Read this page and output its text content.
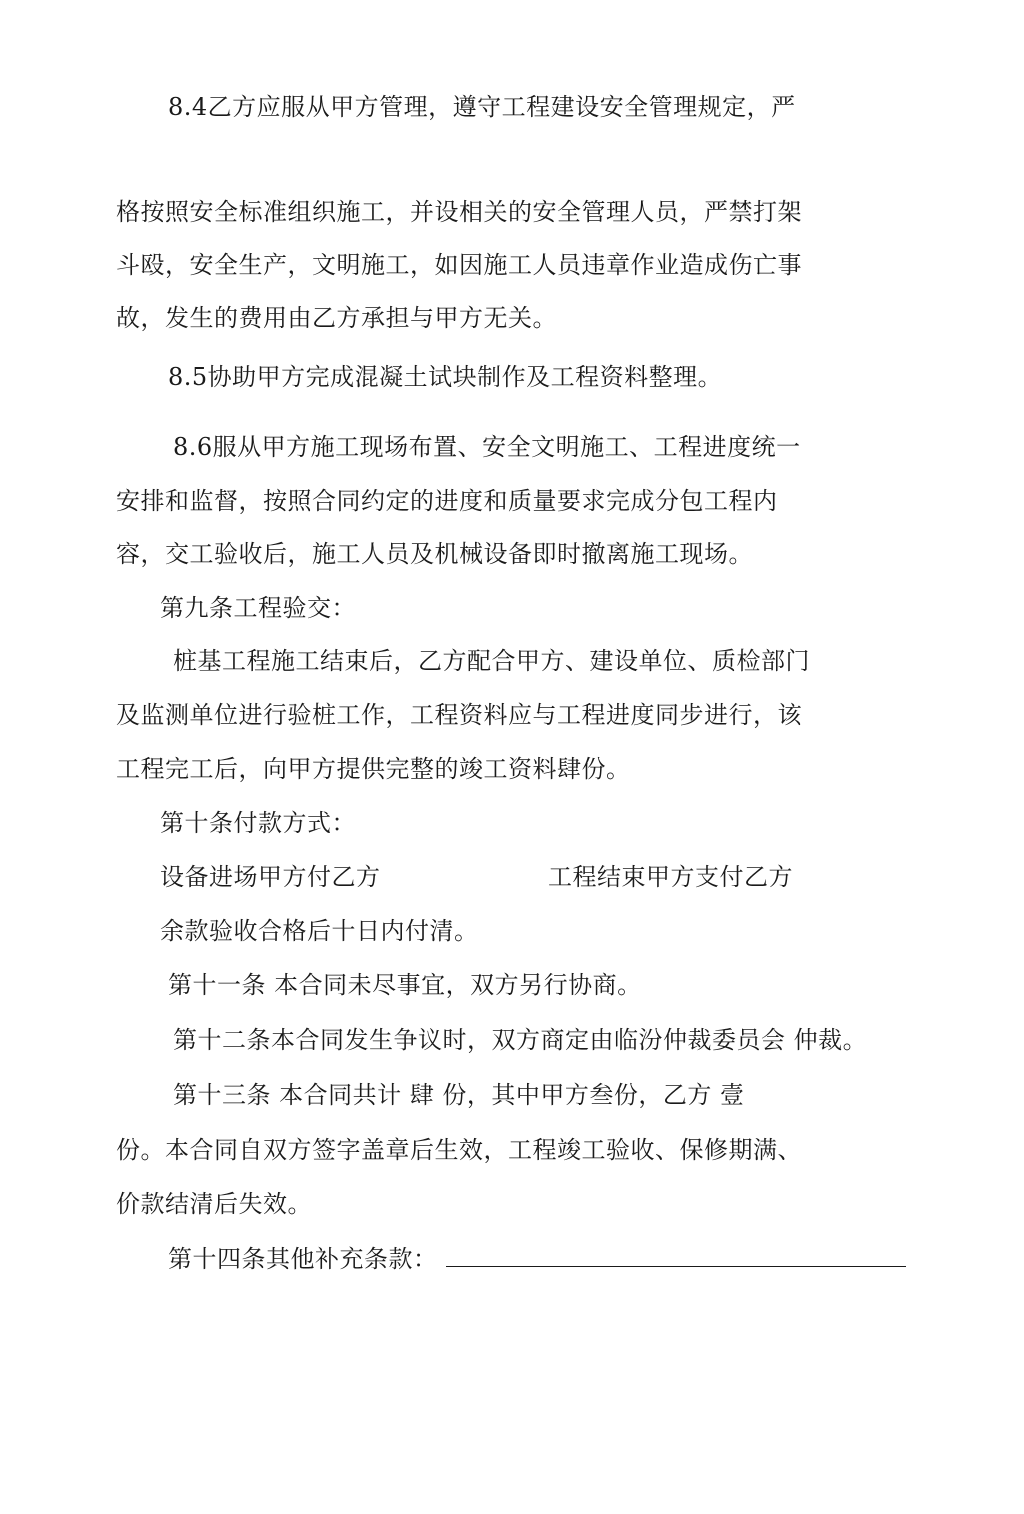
8.4乙方应服从甲方管理，遵守工程建设安全管理规定，严
格按照安全标准组织施工，并设相关的安全管理人员，严禁打架
斗殴，安全生产，文明施工，如因施工人员违章作业造成伤亡事
故，发生的费用由乙方承担与甲方无关。
8.5协助甲方完成混凝土试块制作及工程资料整理。
8.6服从甲方施工现场布置、安全文明施工、工程进度统一
安排和监督，按照合同约定的进度和质量要求完成分包工程内
容，交工验收后，施工人员及机械设备即时撤离施工现场。
第九条工程验交：
桩基工程施工结束后，乙方配合甲方、建设单位、质检部门
及监测单位进行验桩工作，工程资料应与工程进度同步进行，该
工程完工后，向甲方提供完整的竣工资料肆份。
第十条付款方式：
设备进场甲方付乙方	工程结束甲方支付乙方
余款验收合格后十日内付清。
第十一条 本合同未尽事宜，双方另行协商。
第十二条本合同发生争议时，双方商定由临汾仲裁委员会 仲裁。
第十三条 本合同共计 肆 份，其中甲方叁份，乙方 壹
份。本合同自双方签字盖章后生效，工程竣工验收、保修期满、
价款结清后失效。
第十四条其他补充条款：
